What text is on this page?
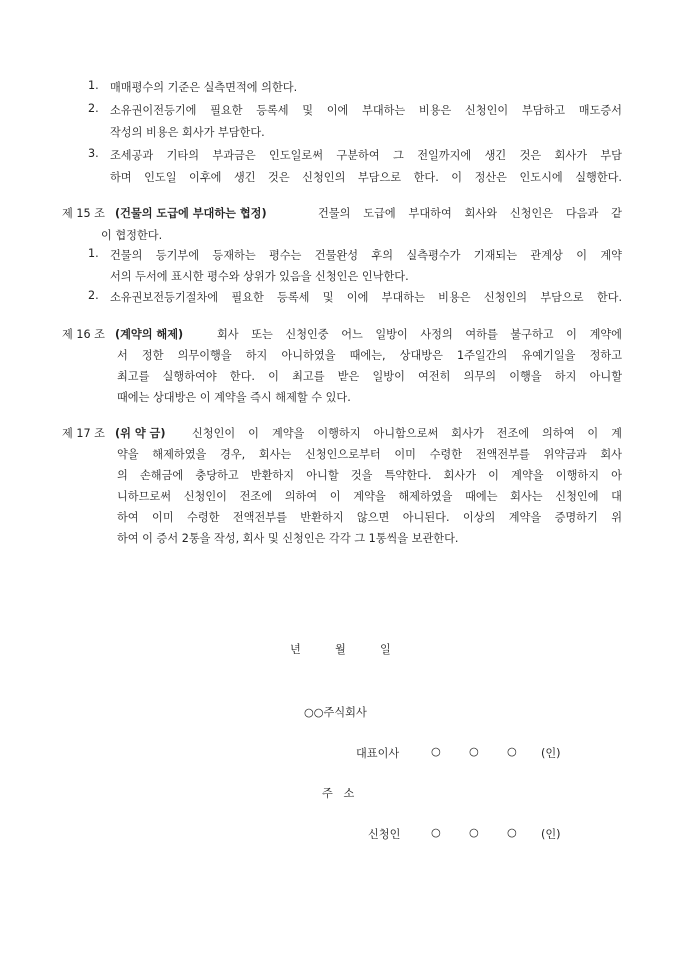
1. 매매평수의 기준은 실측면적에 의한다.
2. 소유권이전등기에 필요한 등록세 및 이에 부대하는 비용은 신청인이 부담하고 매도증서
작성의 비용은 회사가 부담한다.
3. 조세공과 기타의 부과금은 인도일로써 구분하여 그 전일까지에 생긴 것은 회사가 부담
하며 인도일 이후에 생긴 것은 신청인의 부담으로 한다. 이 정산은 인도시에 실행한다.
제 15 조 (건물의 도급에 부대하는 협정)	건물의 도급에 부대하여 회사와 신청인은 다음과 같
이 협정한다.
1. 건물의 등기부에 등재하는 평수는 건물완성 후의 실측평수가 기재되는 관계상 이 계약
서의 두서에 표시한 평수와 상위가 있음을 신청인은 인낙한다.
2. 소유권보전등기절차에 필요한 등록세 및 이에 부대하는 비용은 신청인의 부담으로 한다.
제 16 조 (계약의 해제)	회사 또는 신청인중 어느 일방이 사정의 여하를 불구하고 이 계약에
서 정한 의무이행을 하지 아니하였을 때에는, 상대방은 1주일간의 유예기일을 정하고
최고를 실행하여야 한다. 이 최고를 받은 일방이 여전히 의무의 이행을 하지 아니할
때에는 상대방은 이 계약을 즉시 해제할 수 있다.
제 17 조 (위 약 금) 신청인이 이 계약을 이행하지 아니함으로써 회사가 전조에 의하여 이 계
약을 해제하였을 경우, 회사는 신청인으로부터 이미 수령한 전액전부를 위약금과 회사
의 손해금에 충당하고 반환하지 아니할 것을 특약한다. 회사가 이 계약을 이행하지 아
니하므로써 신청인이 전조에 의하여 이 계약을 해제하였을 때에는 회사는 신청인에 대
하여 이미 수령한 전액전부를 반환하지 않으면 아니된다. 이상의 계약을 증명하기 위
하여 이 증서 2통을 작성, 회사 및 신청인은 각각 그 1통씩을 보관한다.
년	월	일
○○주식회사
대표이사	○	○	○ (인)
주   소
신청인	○	○	○ (인)
